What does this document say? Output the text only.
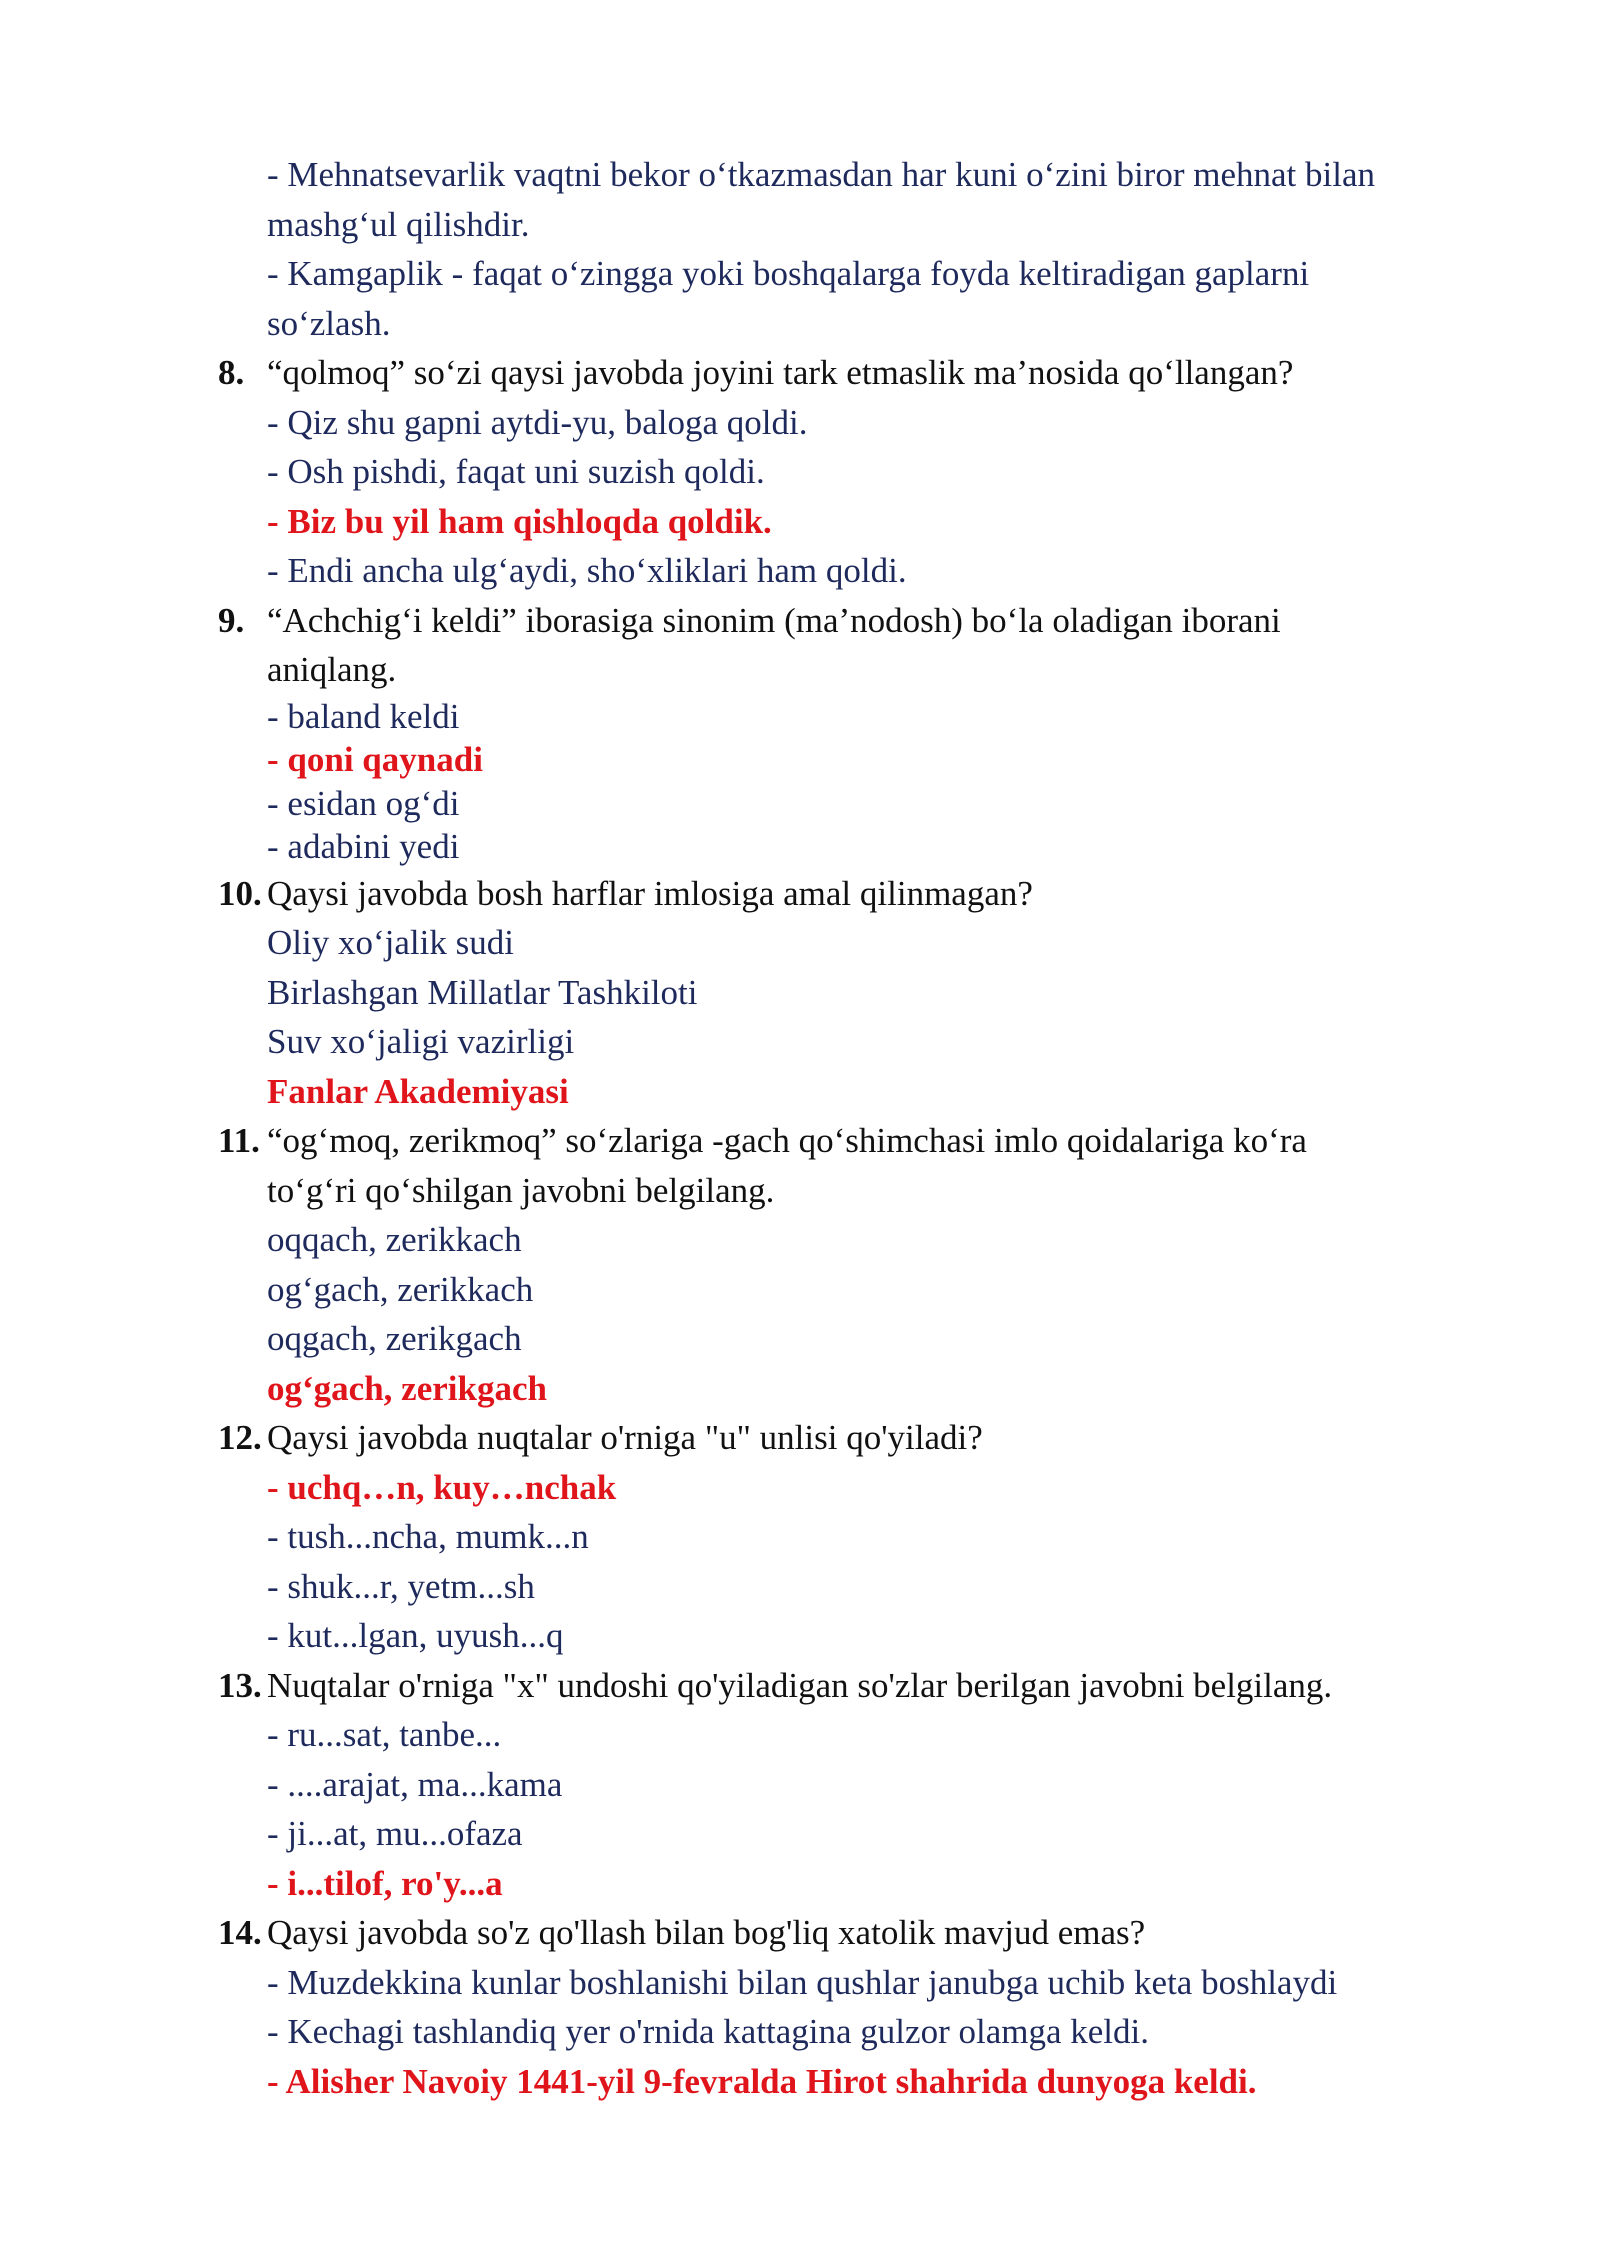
- Mehnatsevarlik vaqtni bekor o‘tkazmasdan har kuni o‘zini biror mehnat bilan
mashg‘ul qilishdir.
- Kamgaplik - faqat o‘zingga yoki boshqalarga foyda keltiradigan gaplarni
so‘zlash.
8. “qolmoq” so‘zi qaysi javobda joyini tark etmaslik ma’nosida qo‘llangan?
- Qiz shu gapni aytdi-yu, baloga qoldi.
- Osh pishdi, faqat uni suzish qoldi.
- Biz bu yil ham qishloqda qoldik.
- Endi ancha ulg‘aydi, sho‘xliklari ham qoldi.
9. “Achchig‘i keldi” iborasiga sinonim (ma’nodosh) bo‘la oladigan iborani
aniqlang.
- baland keldi
- qoni qaynadi
- esidan og‘di
- adabini yedi
10. Qaysi javobda bosh harflar imlosiga amal qilinmagan?
Oliy xo‘jalik sudi
Birlashgan Millatlar Tashkiloti
Suv xo‘jaligi vazirligi
Fanlar Akademiyasi
11. “og‘moq, zerikmoq” so‘zlariga -gach qo‘shimchasi imlo qoidalariga ko‘ra
to‘g‘ri qo‘shilgan javobni belgilang.
oqqach, zerikkach
og‘gach, zerikkach
oqgach, zerikgach
og‘gach, zerikgach
12. Qaysi javobda nuqtalar o'rniga "u" unlisi qo'yiladi?
- uchq…n, kuy…nchak
- tush...ncha, mumk...n
- shuk...r, yetm...sh
- kut...lgan, uyush...q
13. Nuqtalar o'rniga "x" undoshi qo'yiladigan so'zlar berilgan javobni belgilang.
- ru...sat, tanbe...
- ....arajat, ma...kama
- ji...at, mu...ofaza
- i...tilof, ro'y...a
14. Qaysi javobda so'z qo'llash bilan bog'liq xatolik mavjud emas?
- Muzdekkina kunlar boshlanishi bilan qushlar janubga uchib keta boshlaydi
- Kechagi tashlandiq yer o'rnida kattagina gulzor olamga keldi.
- Alisher Navoiy 1441-yil 9-fevralda Hirot shahrida dunyoga keldi.
